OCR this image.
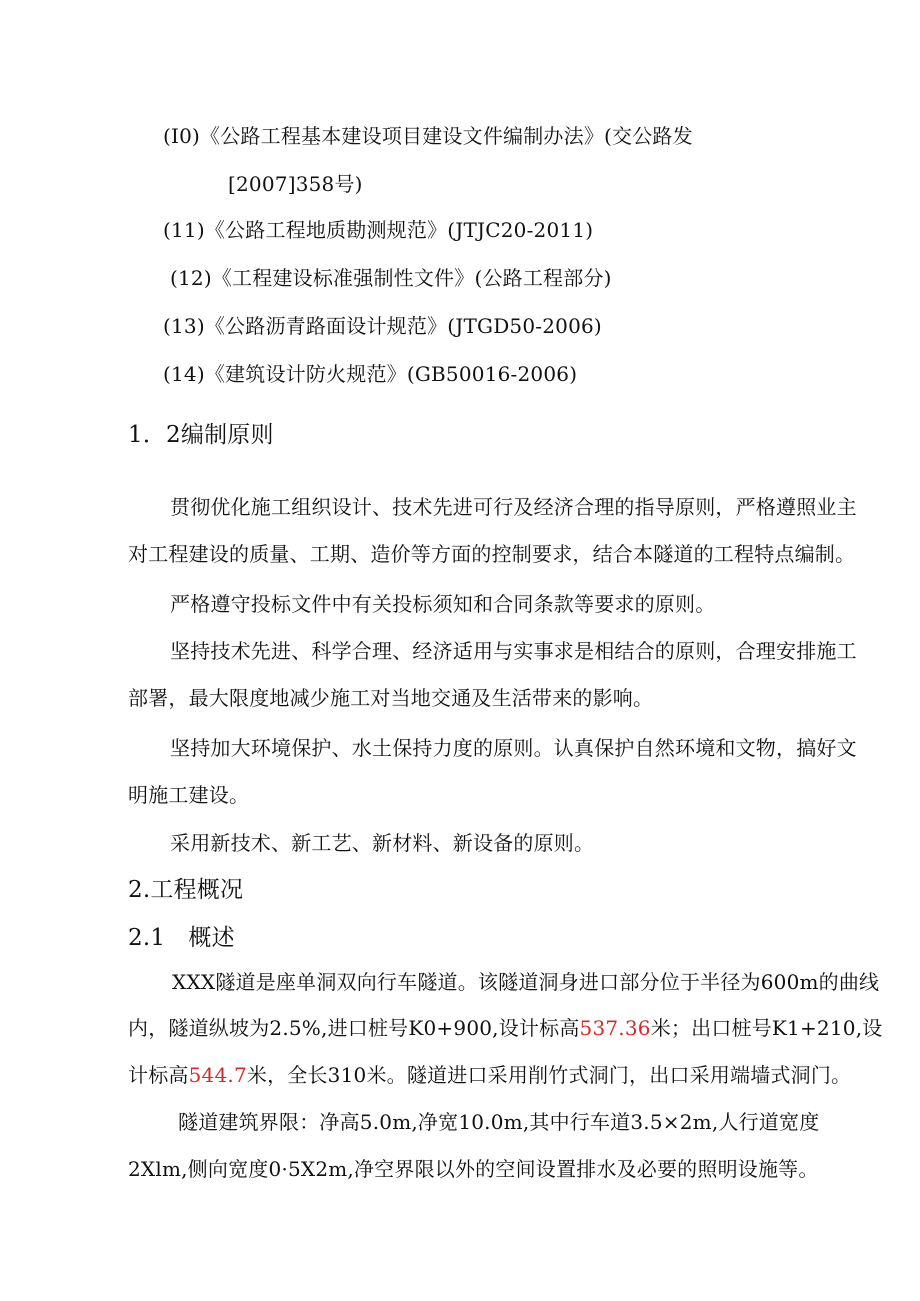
(I0)《公路工程基本建设项目建设文件编制办法》(交公路发
[2007]358号)
(11)《公路工程地质勘测规范》(JTJC20-2011)
(12)《工程建设标准强制性文件》(公路工程部分)
(13)《公路沥青路面设计规范》(JTGD50-2006)
(14)《建筑设计防火规范》(GB50016-2006)
1．2编制原则
贯彻优化施工组织设计、技术先进可行及经济合理的指导原则，严格遵照业主
对工程建设的质量、工期、造价等方面的控制要求，结合本隧道的工程特点编制。
严格遵守投标文件中有关投标须知和合同条款等要求的原则。
坚持技术先进、科学合理、经济适用与实事求是相结合的原则，合理安排施工
部署，最大限度地减少施工对当地交通及生活带来的影响。
坚持加大环境保护、水土保持力度的原则。认真保护自然环境和文物，搞好文
明施工建设。
采用新技术、新工艺、新材料、新设备的原则。
2.工程概况
2.1　概述
XXX隧道是座单洞双向行车隧道。该隧道洞身进口部分位于半径为600m的曲线
内，隧道纵坡为2.5%,进口桩号K0+900,设计标高537.36米；出口桩号K1+210,设
计标高544.7米，全长310米。隧道进口采用削竹式洞门，出口采用端墙式洞门。
隧道建筑界限：净高5.0m,净宽10.0m,其中行车道3.5×2m,人行道宽度
2Xlm,侧向宽度0·5X2m,净空界限以外的空间设置排水及必要的照明设施等。
